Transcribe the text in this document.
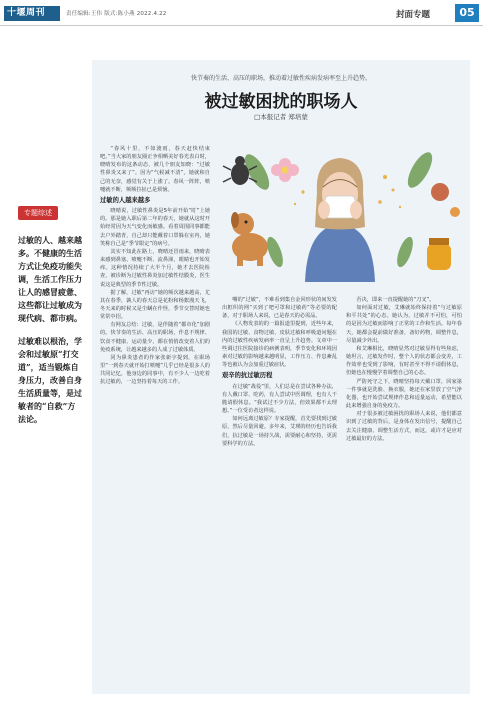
十堰周刊	责任编辑:王伟 版式:陈小燕 2022.4.22	封面专题	05
专题综述

过敏的人、越来越多。不健康的生活方式让免疫功能失调，生活工作压力让人的感冒疲惫、这些都让过敏成为现代病、都市病。

过敏难以根治，学会和过敏原“打交道”，适当锻炼自身压力，改善自身生活质量等，是过敏者的“自救”方法论。

快节奏的生活、高压的职场，推动着过敏性疾病发病率至上升趋势。
被过敏困扰的职场人
□本报记者 郑培蒙

“春风十里，不如渡雨，春天赶快结束吧。”当大家的朋友圈正争相晒美好春光表白时，晓晴发布的这条动态，被几个朋友知晓：“过敏性鼻炎又来了”。因为“气候减不清”，她就和自己的无奈，感觉有关于上涨了。春风一阵阵，喷嚏就不断，频频拉扯已是烦恼。

过敏的人越来越多

晓晴说，过敏性鼻炎是5年前开始“盯”上她的。那是她入职后第二年的春天，她就从这时开始经常因为天气变化而敏感。看着周围同事都能去户外踏青，自己却只能戴着口罩躲在室内，她笑称自己是“季节限定”的病号。

其实不知此在路上，晓晴还冒雨来，晓晴表来感到鼻塞、喷嚏不断、流鼻涕，眼睛也开始发痒。这种情况持续了大半个月，她才去医院检查，被诊断为过敏性鼻炎加过敏性结膜炎，医生说这是典型的季节性过敏。

据了解，过敏“再访”她的频次越来越高，尤其在春季，孰人的春天总是花粉和杨絮漫天飞，冬天来的时候又是尘螨在作怪，季节交替时她也常常中招。

有网友总结：过敏，是伴随着“都市化”加剧的。快节奏的生活、高压的职场，作息不规律、饮食不健康、运动量少，都在悄悄改变着人们的免疫系统，让越来越多的人成了过敏体质。

同为鼻炎患者的作家张新宇提到，在职场里“一到春天就开始打喷嚏”几乎已经是很多人的共同记忆，他身边的同事中，有不少人一边吃着抗过敏药，一边坚持着每天的工作。

嘴的“过敏”，不难看到集自金回形状的间发发出框织的网“买到了吧可罩和过敏药”等必要的配备，对于职场人来说，已是春天的必需品。

《人物发表的的一篇报道里提到，近些年来，我国的过敏、食物过敏、皮肤过敏和呼吸道问题在内的过敏性疾病发病率一直呈上升趋势。文章中一些调过往医院接诊的病例表明，季节变化和环境因素对过敏的影响越来越明显，工作压力、作息紊乱等也被认为会加重过敏症状。

艰辛的抗过敏历程

在过敏“战役”里，人们总是在尝试各种办法，有人戴口罩、吃药，有人尝试中医调理，也有人干脆请假休息。“我试过不少方法，但效果都不太理想。”一位受访者这样说。

如何远离过敏原？专家提醒，首先要找到过敏原，然后尽量回避。多年来，艾瑛的经历也告诉我们，抗过敏是一场持久战，需要耐心和坚持，更需要科学的方法。

否决，即来一直提醒她的“刀叉”。

如何面对过敏，艾琳就始终保持着“与过敏原和平共处”的心态。她认为，过敏并不可怕，可怕的是因为过敏而影响了正常的工作和生活。每年春天，她都会提前做好准备，备好药物，调整作息，尽量减少外出。

和艾琳相比，晓晴显然对过敏显得有些焦虑，她坦言，过敏发作时，整个人的状态都会变差，工作效率也受到了影响，有时甚至不得不请假休息，但她也在慢慢学着调整自己的心态。

严防死守之下，晓晴坚持每天戴口罩，回家第一件事就是洗脸、换衣服，她还在家里放了空气净化器，也开始尝试规律作息和适量运动，希望能以此来增强自身的免疫力。

对于很多被过敏困扰的职场人来说，他们都意识到了过敏的背后，是身体在发出信号，提醒自己去关注健康、调整生活方式，而这，或许才是应对过敏最好的方法。
